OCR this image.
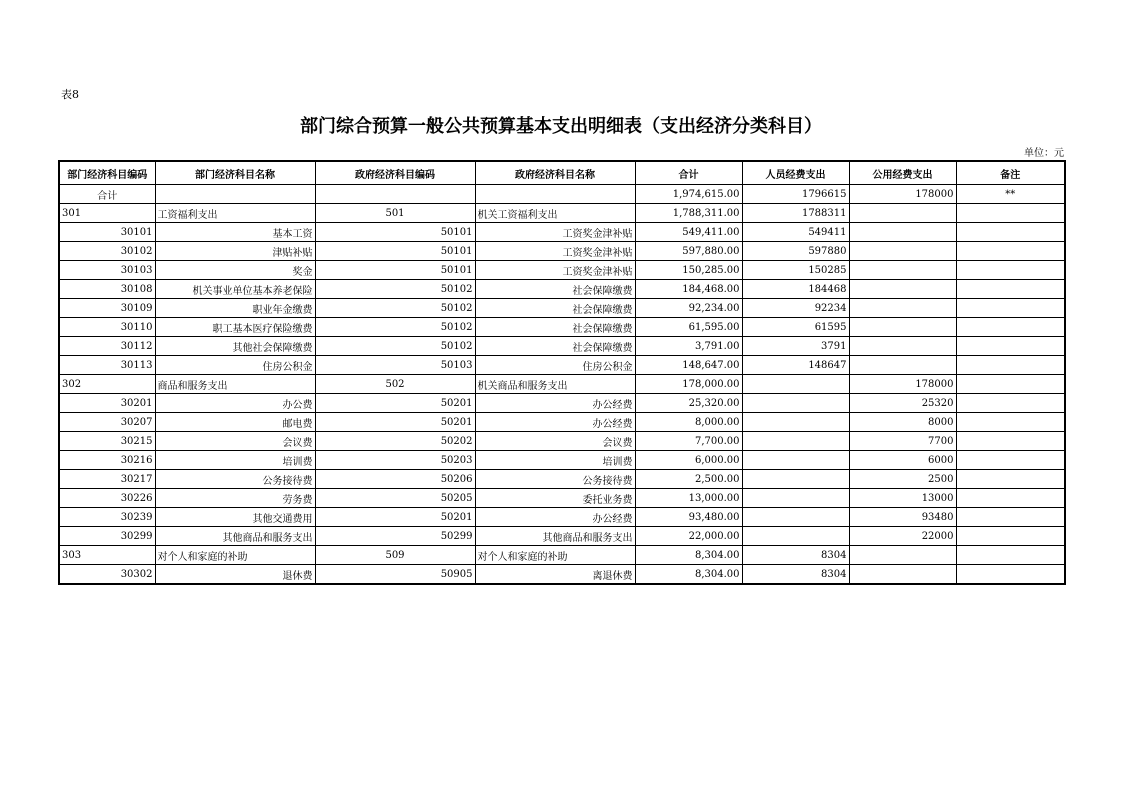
表8
部门综合预算一般公共预算基本支出明细表（支出经济分类科目）
单位：元
部门经济科目编码	部门经济科目名称	政府经济科目编码	政府经济科目名称	合计	人员经费支出	公用经费支出	备注
合计				1,974,615.00	1796615	178000	**
301	工资福利支出	501	机关工资福利支出	1,788,311.00	1788311		
30101	基本工资	50101	工资奖金津补贴	549,411.00	549411		
30102	津贴补贴	50101	工资奖金津补贴	597,880.00	597880		
30103	奖金	50101	工资奖金津补贴	150,285.00	150285		
30108	机关事业单位基本养老保险	50102	社会保障缴费	184,468.00	184468		
30109	职业年金缴费	50102	社会保障缴费	92,234.00	92234		
30110	职工基本医疗保险缴费	50102	社会保障缴费	61,595.00	61595		
30112	其他社会保障缴费	50102	社会保障缴费	3,791.00	3791		
30113	住房公积金	50103	住房公积金	148,647.00	148647		
302	商品和服务支出	502	机关商品和服务支出	178,000.00		178000	
30201	办公费	50201	办公经费	25,320.00		25320	
30207	邮电费	50201	办公经费	8,000.00		8000	
30215	会议费	50202	会议费	7,700.00		7700	
30216	培训费	50203	培训费	6,000.00		6000	
30217	公务接待费	50206	公务接待费	2,500.00		2500	
30226	劳务费	50205	委托业务费	13,000.00		13000	
30239	其他交通费用	50201	办公经费	93,480.00		93480	
30299	其他商品和服务支出	50299	其他商品和服务支出	22,000.00		22000	
303	对个人和家庭的补助	509	对个人和家庭的补助	8,304.00	8304		
30302	退休费	50905	离退休费	8,304.00	8304		
